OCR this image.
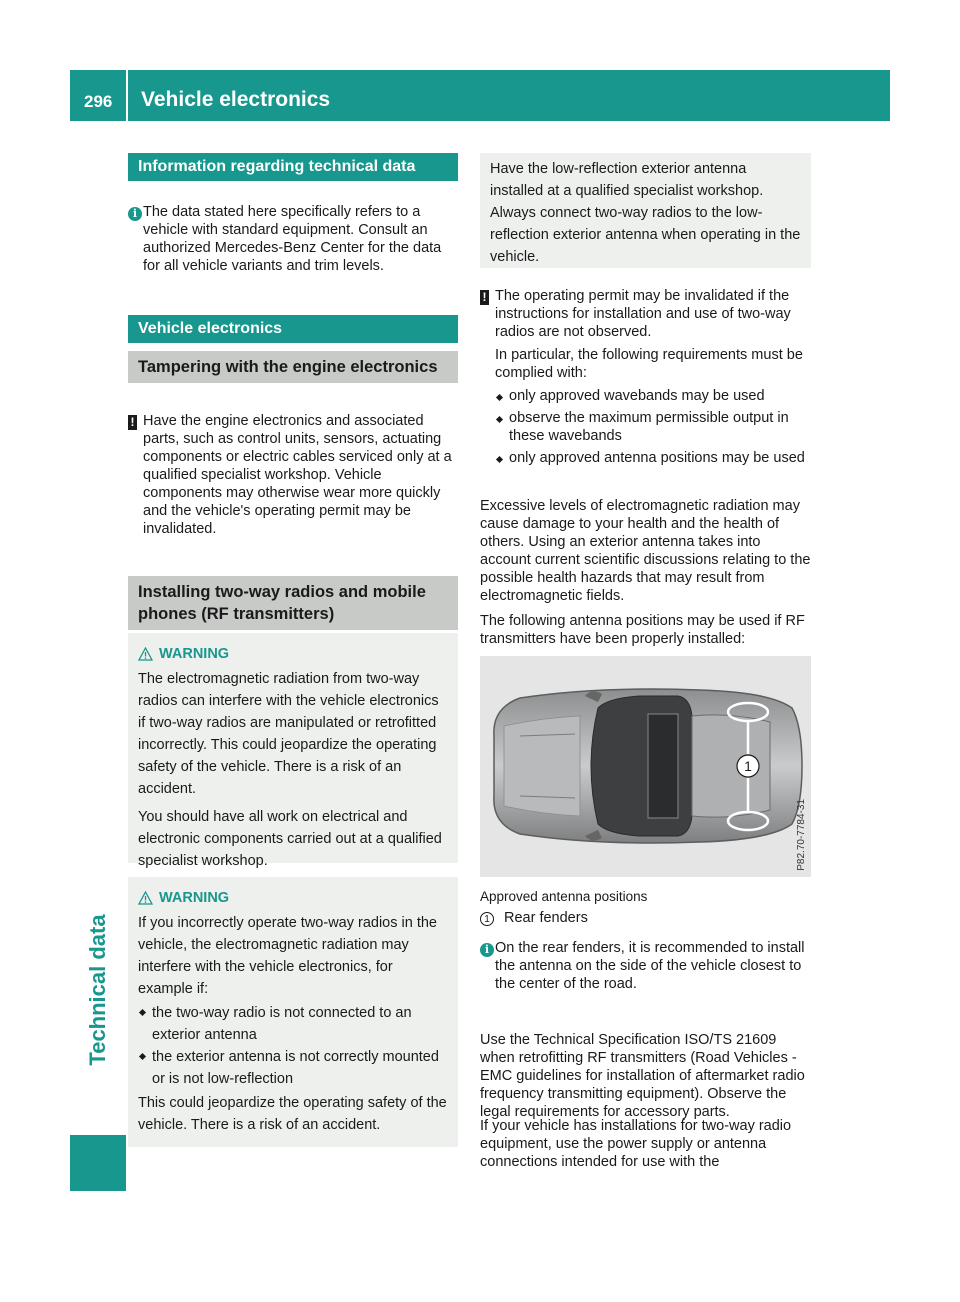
296 Vehicle electronics
Technical data
Information regarding technical data
i The data stated here specifically refers to a vehicle with standard equipment. Consult an authorized Mercedes-Benz Center for the data for all vehicle variants and trim levels.
Vehicle electronics
Tampering with the engine electronics
! Have the engine electronics and associated parts, such as control units, sensors, actuating components or electric cables serviced only at a qualified specialist workshop. Vehicle components may otherwise wear more quickly and the vehicle's operating permit may be invalidated.
Installing two-way radios and mobile phones (RF transmitters)
WARNING

The electromagnetic radiation from two-way radios can interfere with the vehicle electronics if two-way radios are manipulated or retrofitted incorrectly. This could jeopardize the operating safety of the vehicle. There is a risk of an accident.

You should have all work on electrical and electronic components carried out at a qualified specialist workshop.

WARNING

If you incorrectly operate two-way radios in the vehicle, the electromagnetic radiation may interfere with the vehicle electronics, for example if:

the two-way radio is not connected to an exterior antenna
the exterior antenna is not correctly mounted or is not low-reflection

This could jeopardize the operating safety of the vehicle. There is a risk of an accident.

Have the low-reflection exterior antenna installed at a qualified specialist workshop. Always connect two-way radios to the low-reflection exterior antenna when operating in the vehicle.
! The operating permit may be invalidated if the instructions for installation and use of two-way radios are not observed.
In particular, the following requirements must be complied with:
only approved wavebands may be used
observe the maximum permissible output in these wavebands
only approved antenna positions may be used
Excessive levels of electromagnetic radiation may cause damage to your health and the health of others. Using an exterior antenna takes into account current scientific discussions relating to the possible health hazards that may result from electromagnetic fields.
The following antenna positions may be used if RF transmitters have been properly installed:
1
P82.70-7784-31
Approved antenna positions
1 Rear fenders
i On the rear fenders, it is recommended to install the antenna on the side of the vehicle closest to the center of the road.
Use the Technical Specification ISO/TS 21609 when retrofitting RF transmitters (Road Vehicles - EMC guidelines for installation of aftermarket radio frequency transmitting equipment). Observe the legal requirements for accessory parts.
If your vehicle has installations for two-way radio equipment, use the power supply or antenna connections intended for use with the
